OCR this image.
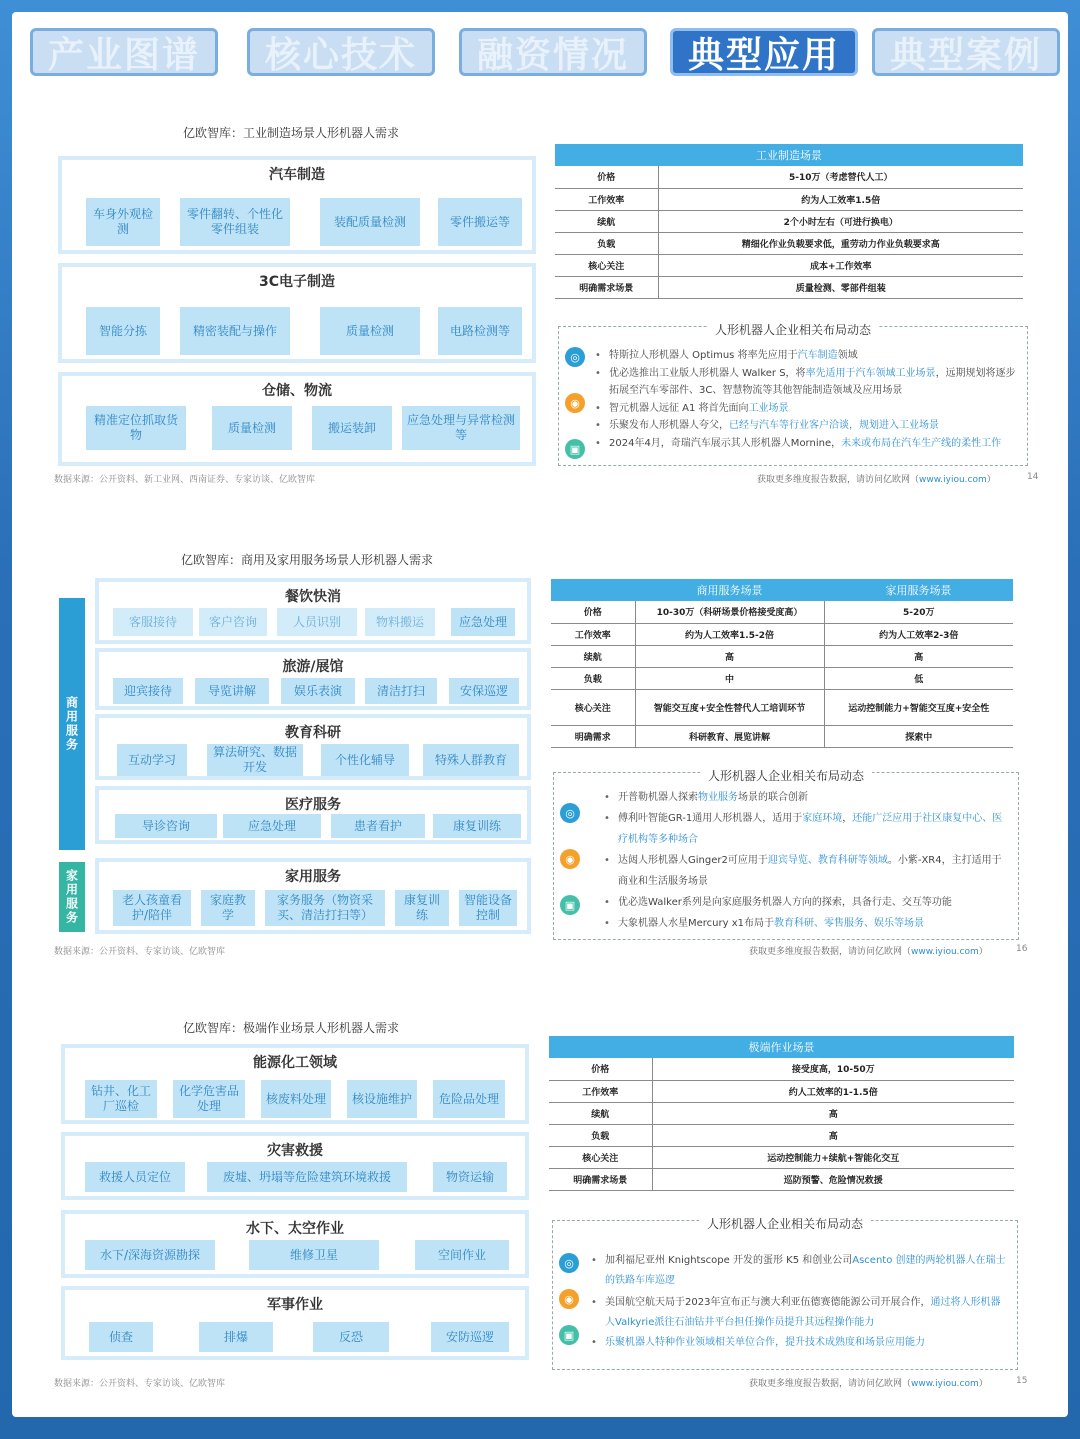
产业图谱	核心技术	融资情况	典型应用	典型案例
亿欧智库：工业制造场景人形机器人需求
汽车制造
车身外观检测
零件翻转、个性化零件组装
装配质量检测	零件搬运等
3C电子制造
智能分拣	精密装配与操作	质量检测	电路检测等
仓储、物流
精准定位抓取货物
质量检测	搬运装卸
应急处理与异常检测等
数据来源：公开资料、新工业网、西南证券、专家访谈、亿欧智库
工业制造场景	
价格	5-10万（考虑替代人工）
工作效率	约为人工效率1.5倍
续航	2个小时左右（可进行换电）
负载	精细化作业负载要求低，重劳动力作业负载要求高
核心关注	成本+工作效率
明确需求场景	质量检测、零部件组装
人形机器人企业相关布局动态
◎
◉
▣
• 特斯拉人形机器人 Optimus 将率先应用于汽车制造领域
• 优必选推出工业版人形机器人 Walker S，将率先适用于汽车领域工业场景，远期规划将逐步拓展至汽车零部件、3C、智慧物流等其他智能制造领域及应用场景
• 智元机器人远征 A1 将首先面向工业场景
• 乐聚发布人形机器人夸父，已经与汽车等行业客户洽谈，规划进入工业场景
• 2024年4月，奇瑞汽车展示其人形机器人Mornine，未来或布局在汽车生产线的柔性工作
获取更多维度报告数据，请访问亿欧网（www.iyiou.com）	14
亿欧智库：商用及家用服务场景人形机器人需求
商用服务
家用服务
餐饮快消
客服接待	客户咨询	人员识别	物料搬运	应急处理
旅游/展馆
迎宾接待	导览讲解	娱乐表演	清洁打扫	安保巡逻
教育科研
互动学习
算法研究、数据开发
个性化辅导	特殊人群教育
医疗服务
导诊咨询	应急处理	患者看护	康复训练
家用服务
老人孩童看护/陪伴
家庭教学
家务服务（物资采买、清洁打扫等）
康复训练
智能设备控制
数据来源：公开资料、专家访谈、亿欧智库
	商用服务场景	家用服务场景
价格	10-30万（科研场景价格接受度高）	5-20万
工作效率	约为人工效率1.5-2倍	约为人工效率2-3倍
续航	高	高
负载	中	低
核心关注	智能交互度+安全性替代人工培训环节	运动控制能力+智能交互度+安全性
明确需求	科研教育、展览讲解	探索中
人形机器人企业相关布局动态
◎
◉
▣
• 开普勒机器人探索物业服务场景的联合创新
• 傅利叶智能GR-1通用人形机器人，适用于家庭环境，还能广泛应用于社区康复中心、医疗机构等多种场合
• 达闼人形机器人Ginger2可应用于迎宾导览、教育科研等领域。小紫-XR4，主打适用于商业和生活服务场景
• 优必选Walker系列是向家庭服务机器人方向的探索，具备行走、交互等功能
• 大象机器人水星Mercury x1布局于教育科研、零售服务、娱乐等场景
获取更多维度报告数据，请访问亿欧网（www.iyiou.com）	16
亿欧智库：极端作业场景人形机器人需求
能源化工领域
钻井、化工厂巡检
化学危害品处理
核废料处理	核设施维护	危险品处理
灾害救援
救援人员定位	废墟、坍塌等危险建筑环境救援	物资运输
水下、太空作业
水下/深海资源勘探	维修卫星	空间作业
军事作业
侦查	排爆	反恐	安防巡逻
数据来源：公开资料、专家访谈、亿欧智库
极端作业场景	
价格	接受度高，10-50万
工作效率	约人工效率的1-1.5倍
续航	高
负载	高
核心关注	运动控制能力+续航+智能化交互
明确需求场景	巡防预警、危险情况救援
人形机器人企业相关布局动态
◎
◉
▣
• 加利福尼亚州 Knightscope 开发的蛋形 K5 和创业公司Ascento 创建的两轮机器人在瑞士的铁路车库巡逻
• 美国航空航天局于2023年宣布正与澳大利亚伍德赛德能源公司开展合作，通过将人形机器人Valkyrie派往石油钻井平台担任操作员提升其远程操作能力
• 乐聚机器人特种作业领域相关单位合作，提升技术成熟度和场景应用能力
获取更多维度报告数据，请访问亿欧网（www.iyiou.com）	15
